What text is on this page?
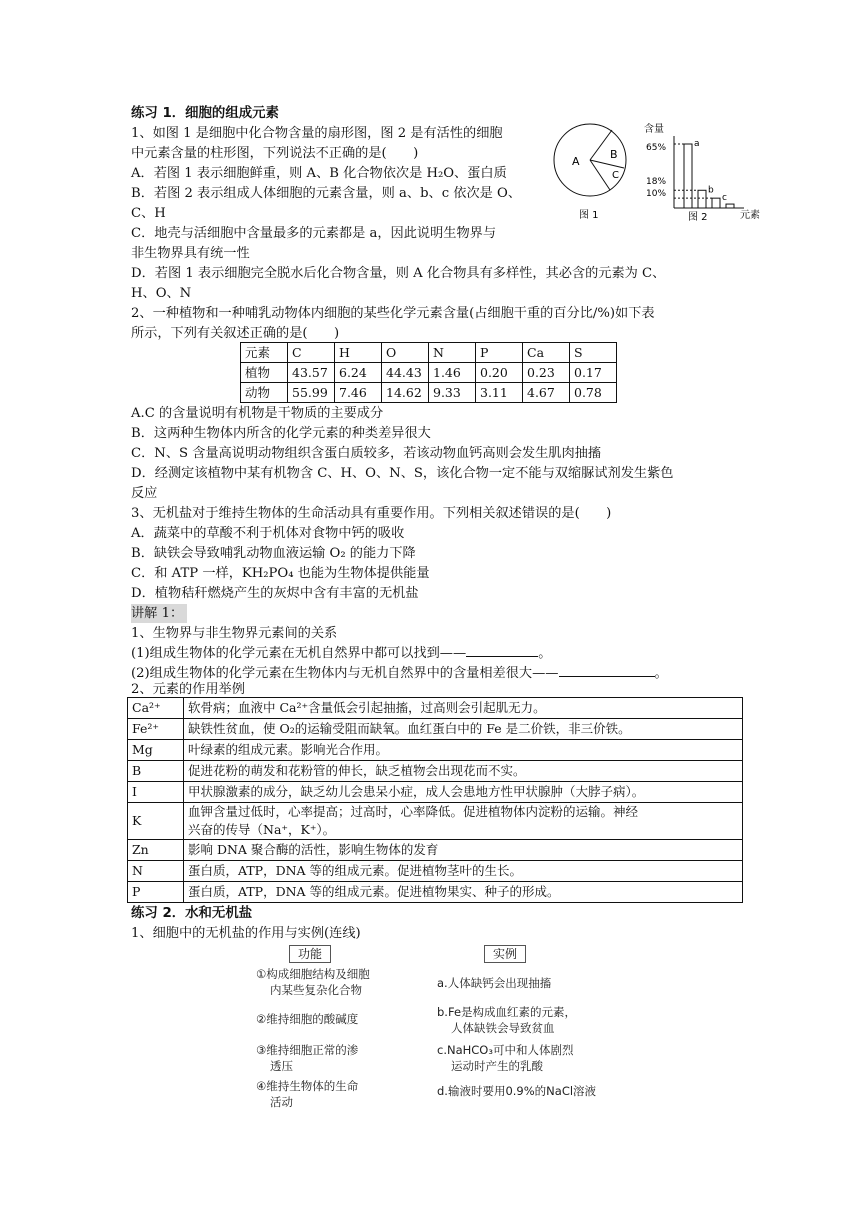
练习 1．细胞的组成元素
1、如图 1 是细胞中化合物含量的扇形图，图 2 是有活性的细胞
中元素含量的柱形图，下列说法不正确的是(　　)
A．若图 1 表示细胞鲜重，则 A、B 化合物依次是 H₂O、蛋白质
B．若图 2 表示组成人体细胞的元素含量，则 a、b、c 依次是 O、
C、H
C．地壳与活细胞中含量最多的元素都是 a，因此说明生物界与
非生物界具有统一性
D．若图 1 表示细胞完全脱水后化合物含量，则 A 化合物具有多样性，其必含的元素为 C、
H、O、N
A
B
C
图 1
含量
a
b
c
65%
18%
10%
图 2	元素
2、一种植物和一种哺乳动物体内细胞的某些化学元素含量(占细胞干重的百分比/%)如下表
所示，下列有关叙述正确的是(　　)
元素	C	H	O	N	P	Ca	S
植物	43.57	6.24	44.43	1.46	0.20	0.23	0.17
动物	55.99	7.46	14.62	9.33	3.11	4.67	0.78
A.C 的含量说明有机物是干物质的主要成分
B．这两种生物体内所含的化学元素的种类差异很大
C．N、S 含量高说明动物组织含蛋白质较多，若该动物血钙高则会发生肌肉抽搐
D．经测定该植物中某有机物含 C、H、O、N、S，该化合物一定不能与双缩脲试剂发生紫色
反应
3、无机盐对于维持生物体的生命活动具有重要作用。下列相关叙述错误的是(　　)
A．蔬菜中的草酸不利于机体对食物中钙的吸收
B．缺铁会导致哺乳动物血液运输 O₂ 的能力下降
C．和 ATP 一样，KH₂PO₄ 也能为生物体提供能量
D．植物秸秆燃烧产生的灰烬中含有丰富的无机盐
讲解 1：
1、生物界与非生物界元素间的关系
(1)组成生物体的化学元素在无机自然界中都可以找到——	。
(2)组成生物体的化学元素在生物体内与无机自然界中的含量相差很大——	。
2、元素的作用举例
Ca²⁺	软骨病；血液中 Ca²⁺含量低会引起抽搐，过高则会引起肌无力。
Fe²⁺	缺铁性贫血，使 O₂的运输受阻而缺氧。血红蛋白中的 Fe 是二价铁，非三价铁。
Mg	叶绿素的组成元素。影响光合作用。
B	促进花粉的萌发和花粉管的伸长，缺乏植物会出现花而不实。
I	甲状腺激素的成分，缺乏幼儿会患呆小症，成人会患地方性甲状腺肿（大脖子病）。
K	血钾含量过低时，心率提高；过高时，心率降低。促进植物体内淀粉的运输。神经
兴奋的传导（Na⁺，K⁺）。

Zn	影响 DNA 聚合酶的活性，影响生物体的发育
N	蛋白质，ATP，DNA 等的组成元素。促进植物茎叶的生长。
P	蛋白质，ATP，DNA 等的组成元素。促进植物果实、种子的形成。
练习 2．水和无机盐
1、细胞中的无机盐的作用与实例(连线)
功能	实例
①构成细胞结构及细胞
内某些复杂化合物
②维持细胞的酸碱度
③维持细胞正常的渗
透压
④维持生物体的生命
活动
a.人体缺钙会出现抽搐
b.Fe是构成血红素的元素，
人体缺铁会导致贫血
c.NaHCO₃可中和人体剧烈
运动时产生的乳酸
d.输液时要用0.9%的NaCl溶液
